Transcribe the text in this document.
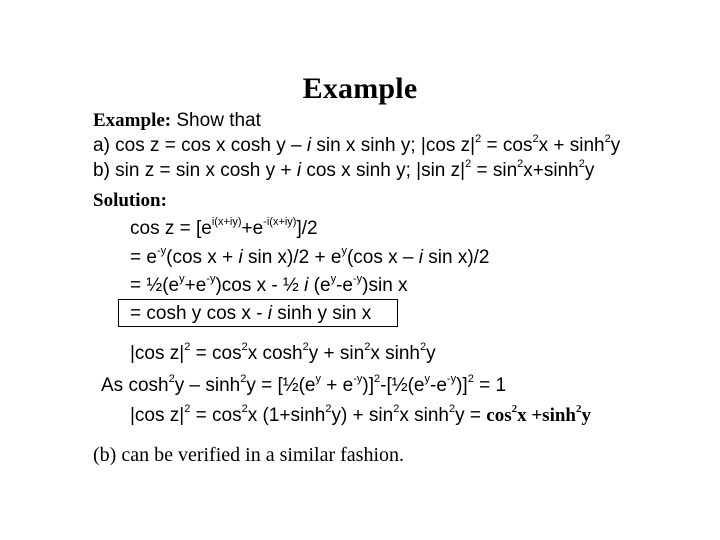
Example
Example: Show that
a) cos z = cos x cosh y – i sin x sinh y; |cos $z|^2 = \cos^2x + \sinh^2y$
b) sin z = sin x cosh y + i cos x sinh y; |sin $z|^2 = \sin^2x+\sinh^2y$
Solution:
$\cos z = [e^{i(x+iy)}+e^{-i(x+iy)}]/2$
= $e^{-y}(\cos$ x + i $\sin x)/2 + e^y(\cos$ x – i sin x)/2
= $\frac{1}{2}(e^y+e^{-y})\cos$ x - ½ i $(e^y-e^{-y})\sin$ x
= cosh y cos x - i sinh y sin x
|cos $z|^2 = \cos^2x$ $\cosh^2y + \sin^2x$ $\sinh^2y$
As $\cosh^2y - \sinh^2y$ = [$\frac{1}{2}(e^y$ + $e^{-y})]^2-[\frac{1}{2}(e^y-e^{-y})]^2 = 1$
|cos $z|^2 = \cos^2x$ $(1+\sinh^2y) + \sin^2x$ $\sinh^2y = \cos^2x +\sinh^2y$
(b) can be verified in a similar fashion.
